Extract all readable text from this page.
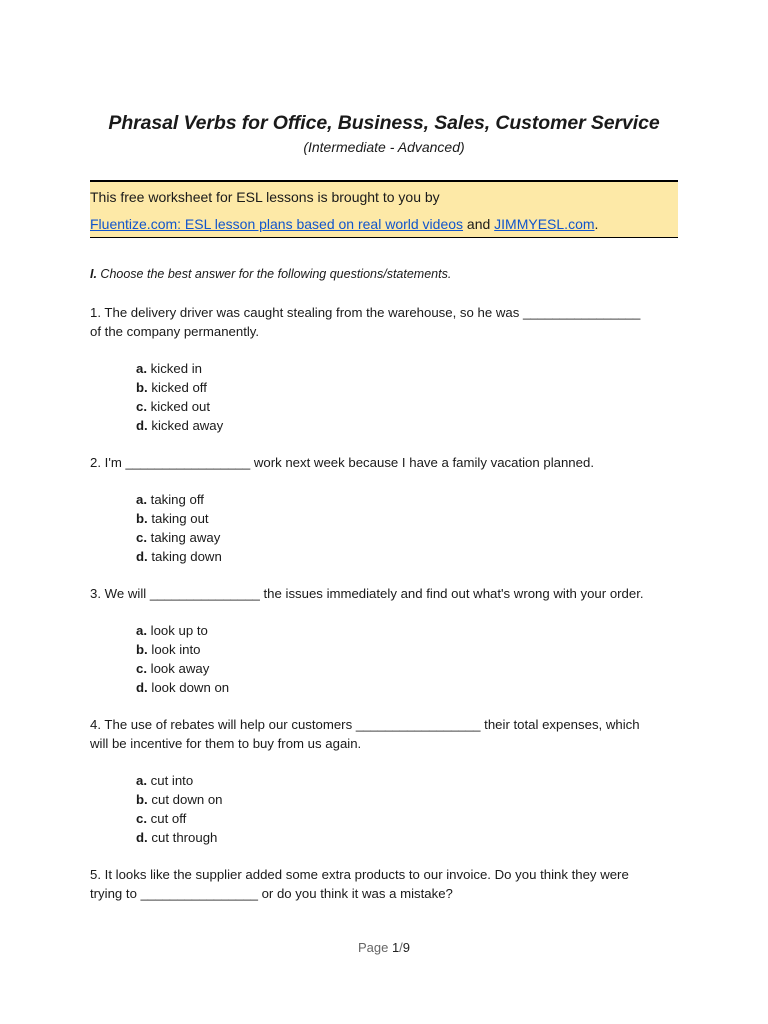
Phrasal Verbs for Office, Business, Sales, Customer Service
(Intermediate - Advanced)
This free worksheet for ESL lessons is brought to you by
Fluentize.com: ESL lesson plans based on real world videos and JIMMYESL.com.
I. Choose the best answer for the following questions/statements.
1. The delivery driver was caught stealing from the warehouse, so he was ________________
of the company permanently.
a. kicked in
b. kicked off
c. kicked out
d. kicked away
2. I'm _________________ work next week because I have a family vacation planned.
a. taking off
b. taking out
c. taking away
d. taking down
3. We will _______________ the issues immediately and find out what's wrong with your order.
a. look up to
b. look into
c. look away
d. look down on
4. The use of rebates will help our customers _________________ their total expenses, which
will be incentive for them to buy from us again.
a. cut into
b. cut down on
c. cut off
d. cut through
5. It looks like the supplier added some extra products to our invoice. Do you think they were
trying to ________________ or do you think it was a mistake?
Page 1/9
